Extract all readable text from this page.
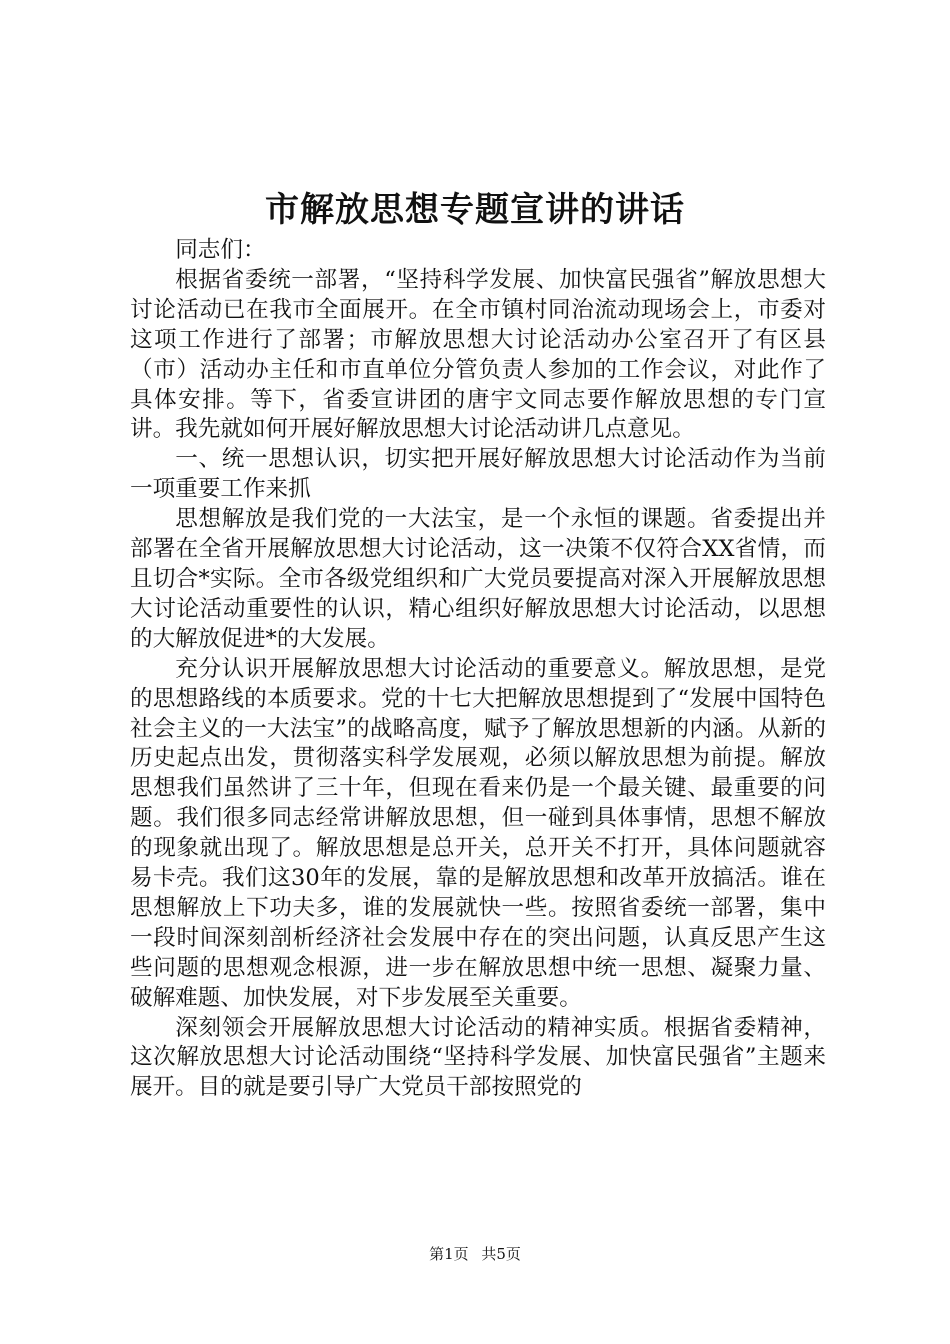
市解放思想专题宣讲的讲话

同志们：

根据省委统一部署，“坚持科学发展、加快富民强省”解放思想大讨论活动已在我市全面展开。在全市镇村同治流动现场会上，市委对这项工作进行了部署；市解放思想大讨论活动办公室召开了有区县（市）活动办主任和市直单位分管负责人参加的工作会议，对此作了具体安排。等下，省委宣讲团的唐宇文同志要作解放思想的专门宣讲。我先就如何开展好解放思想大讨论活动讲几点意见。

一、统一思想认识，切实把开展好解放思想大讨论活动作为当前一项重要工作来抓

思想解放是我们党的一大法宝，是一个永恒的课题。省委提出并部署在全省开展解放思想大讨论活动，这一决策不仅符合XX省情，而且切合*实际。全市各级党组织和广大党员要提高对深入开展解放思想大讨论活动重要性的认识，精心组织好解放思想大讨论活动，以思想的大解放促进*的大发展。

充分认识开展解放思想大讨论活动的重要意义。解放思想，是党的思想路线的本质要求。党的十七大把解放思想提到了“发展中国特色社会主义的一大法宝”的战略高度，赋予了解放思想新的内涵。从新的历史起点出发，贯彻落实科学发展观，必须以解放思想为前提。解放思想我们虽然讲了三十年，但现在看来仍是一个最关键、最重要的问题。我们很多同志经常讲解放思想，但一碰到具体事情，思想不解放的现象就出现了。解放思想是总开关，总开关不打开，具体问题就容易卡壳。我们这30年的发展，靠的是解放思想和改革开放搞活。谁在思想解放上下功夫多，谁的发展就快一些。按照省委统一部署，集中一段时间深刻剖析经济社会发展中存在的突出问题，认真反思产生这些问题的思想观念根源，进一步在解放思想中统一思想、凝聚力量、破解难题、加快发展，对下步发展至关重要。

深刻领会开展解放思想大讨论活动的精神实质。根据省委精神，这次解放思想大讨论活动围绕“坚持科学发展、加快富民强省”主题来展开。目的就是要引导广大党员干部按照党的

第1页 共5页
